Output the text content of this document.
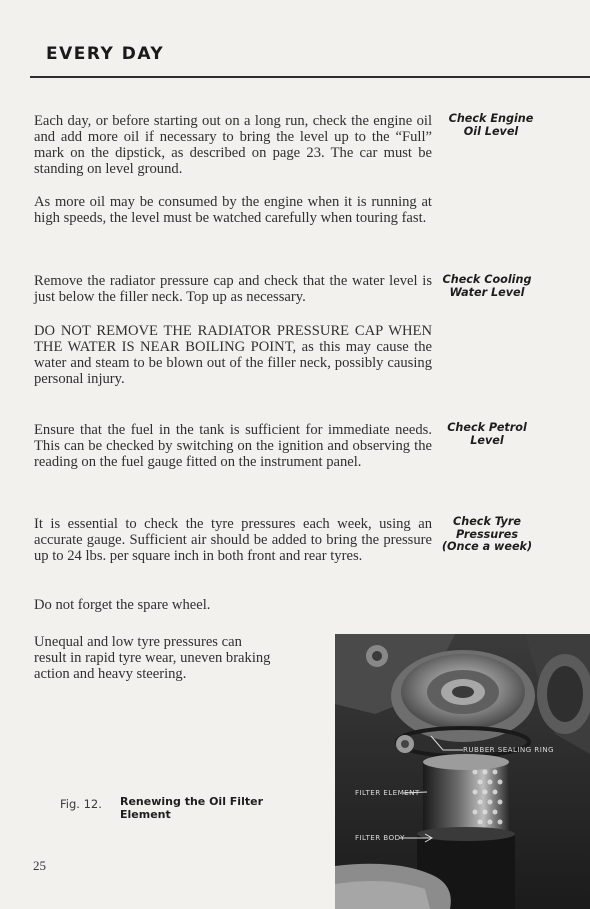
EVERY DAY

Each day, or before starting out on a long run, check the engine oil and add more oil if necessary to bring the level up to the “Full” mark on the dipstick, as described on page 23. The car must be standing on level ground.

As more oil may be consumed by the engine when it is running at high speeds, the level must be watched carefully when touring fast.

Check Engine
Oil Level

Remove the radiator pressure cap and check that the water level is just below the filler neck. Top up as necessary.

DO NOT REMOVE THE RADIATOR PRESSURE CAP WHEN THE WATER IS NEAR BOILING POINT, as this may cause the water and steam to be blown out of the filler neck, possibly causing personal injury.

Check Cooling
Water Level

Ensure that the fuel in the tank is sufficient for immediate needs. This can be checked by switching on the ignition and observing the reading on the fuel gauge fitted on the instrument panel.

Check Petrol
Level

It is essential to check the tyre pressures each week, using an accurate gauge. Sufficient air should be added to bring the pressure up to 24 lbs. per square inch in both front and rear tyres.

Do not forget the spare wheel.

Unequal and low tyre pressures can result in rapid tyre wear, uneven braking action and heavy steering.

Check Tyre
Pressures
(Once a week)
RUBBER SEALING RING
FILTER ELEMENT
FILTER BODY
Fig. 12. Renewing the Oil Filter Element
25
